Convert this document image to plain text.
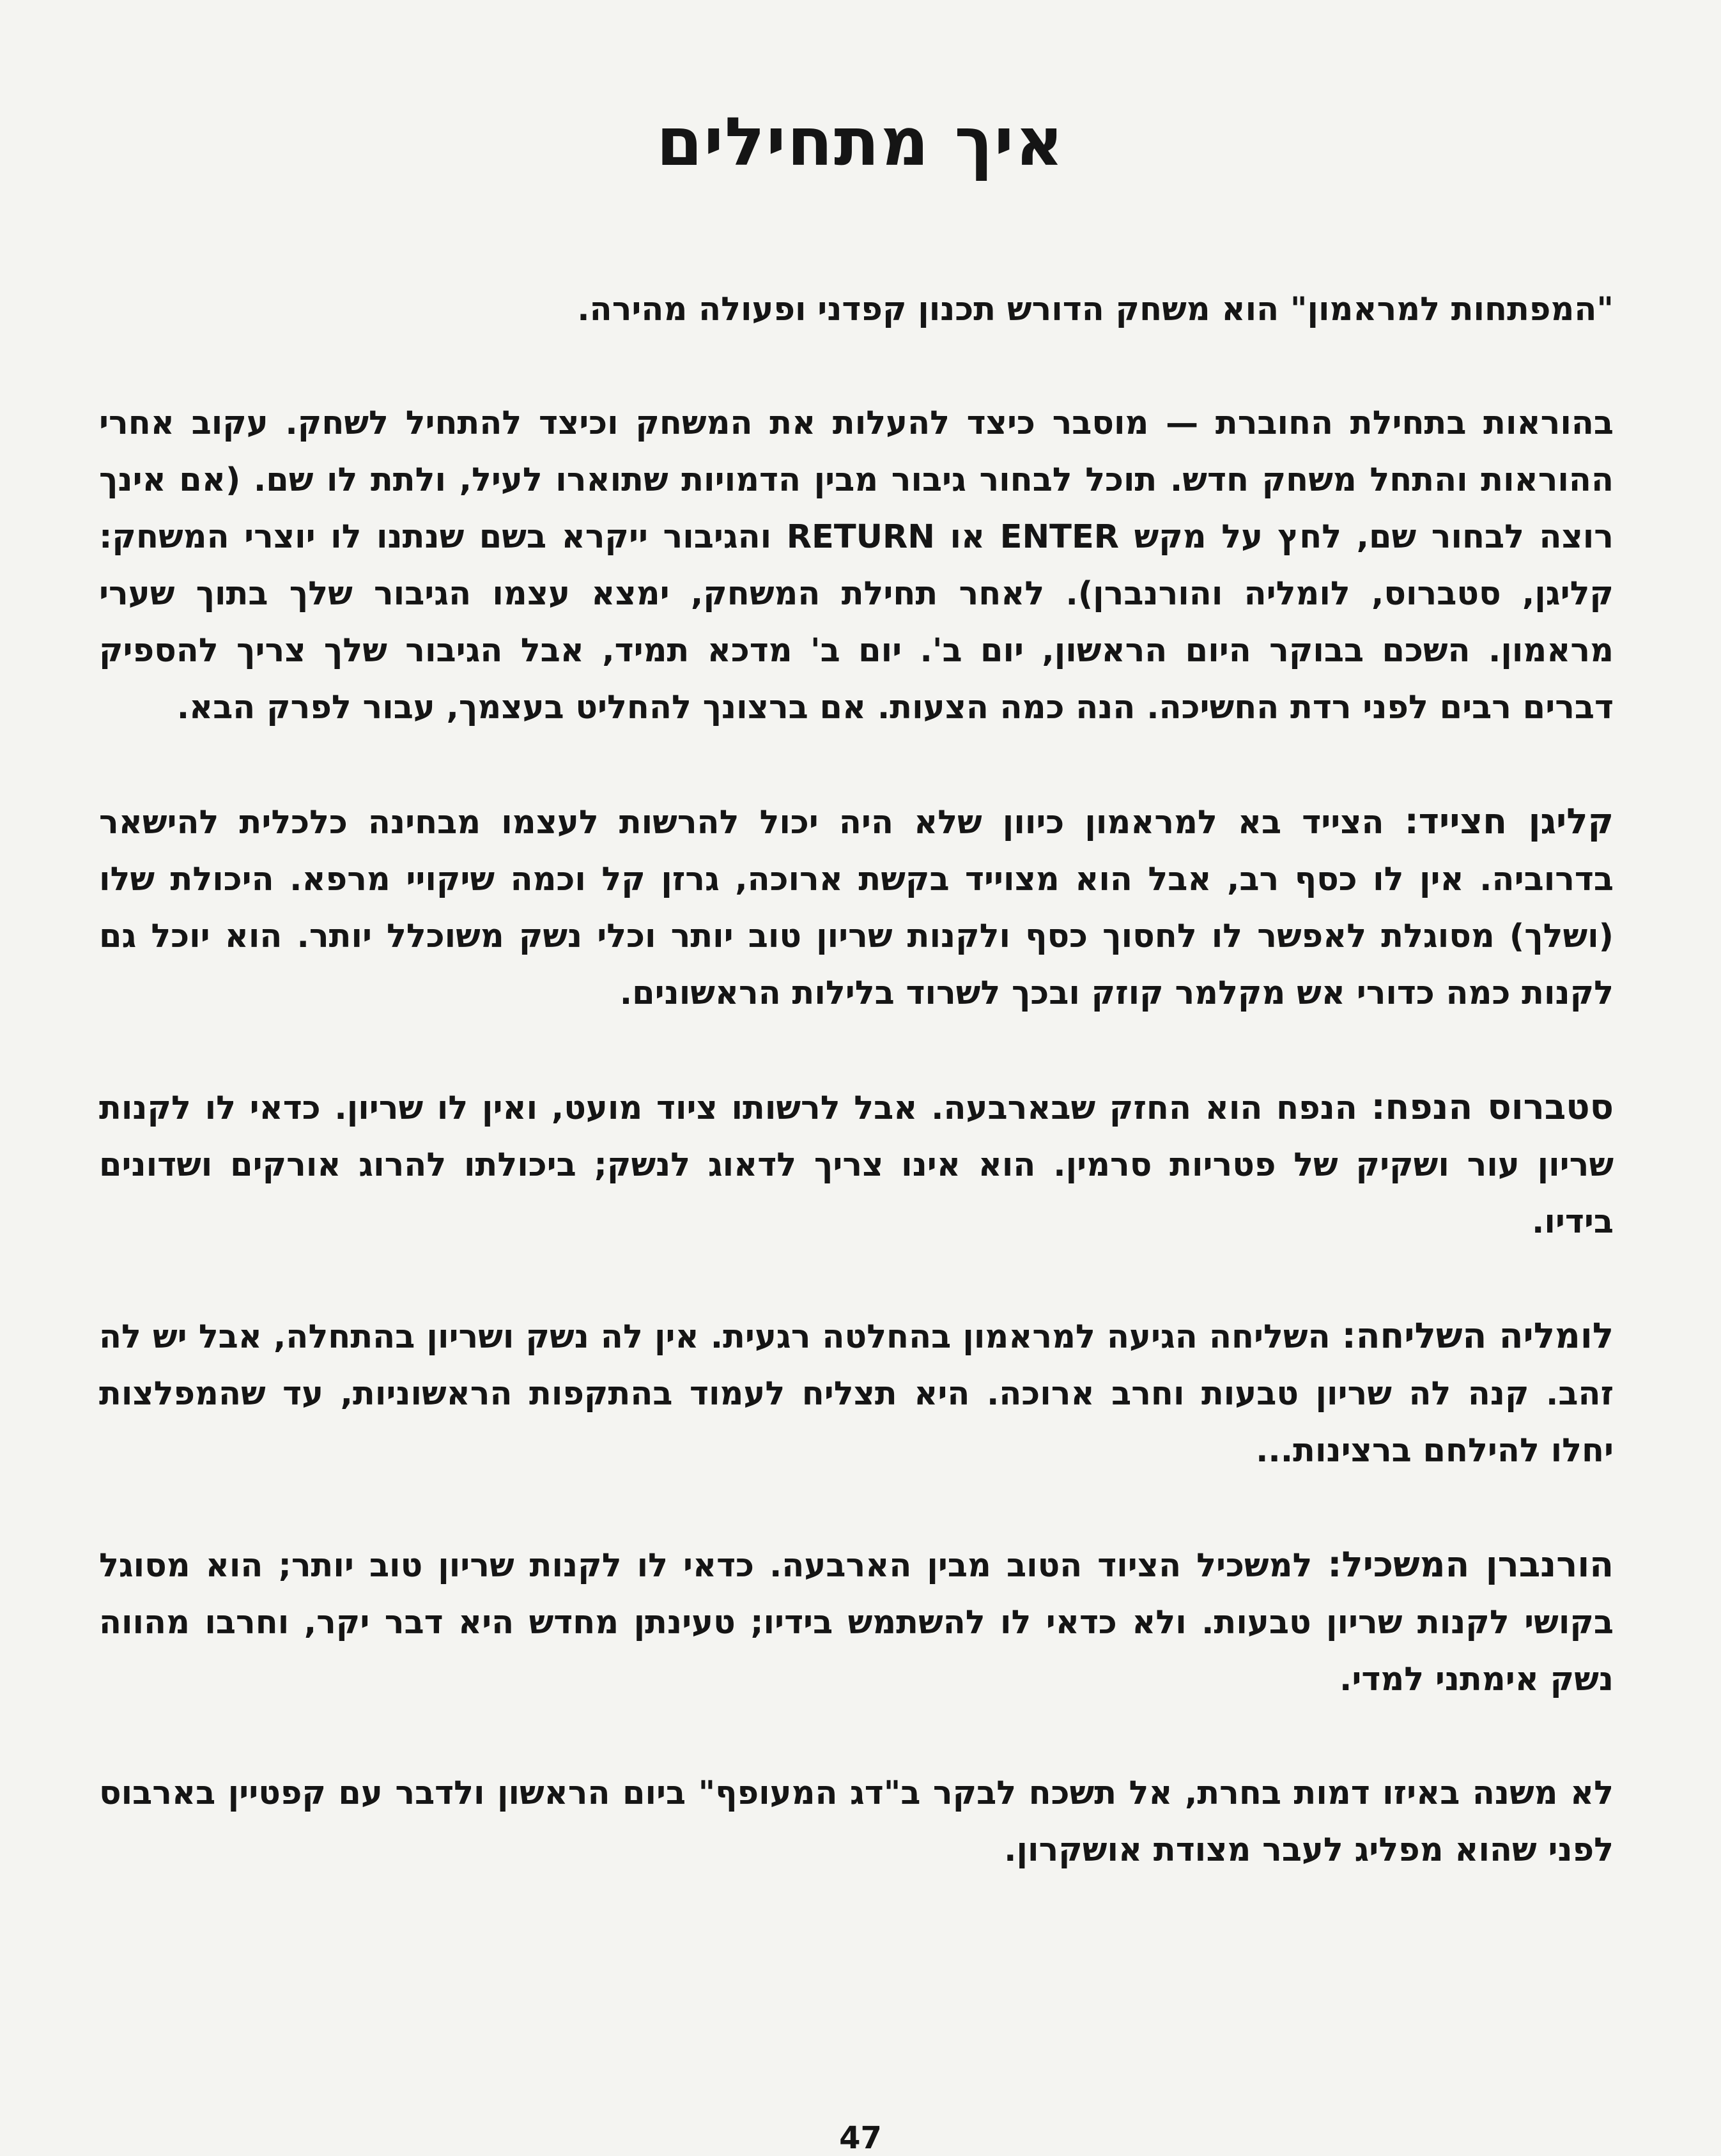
איך מתחילים

"המפתחות למראמון" הוא משחק הדורש תכנון קפדני ופעולה מהירה.

בהוראות בתחילת החוברת — מוסבר כיצד להעלות את המשחק וכיצד להתחיל לשחק. עקוב אחרי ההוראות והתחל משחק חדש. תוכל לבחור גיבור מבין הדמויות שתוארו לעיל, ולתת לו שם. (אם אינך רוצה לבחור שם, לחץ על מקש ENTER או RETURN והגיבור ייקרא בשם שנתנו לו יוצרי המשחק: קליגן, סטברוס, לומליה והורנברן). לאחר תחילת המשחק, ימצא עצמו הגיבור שלך בתוך שערי מראמון. השכם בבוקר היום הראשון, יום ב'. יום ב' מדכא תמיד, אבל הגיבור שלך צריך להספיק דברים רבים לפני רדת החשיכה. הנה כמה הצעות. אם ברצונך להחליט בעצמך, עבור לפרק הבא.

קליגן חצייד: הצייד בא למראמון כיוון שלא היה יכול להרשות לעצמו מבחינה כלכלית להישאר בדרוביה. אין לו כסף רב, אבל הוא מצוייד בקשת ארוכה, גרזן קל וכמה שיקויי מרפא. היכולת שלו (ושלך) מסוגלת לאפשר לו לחסוך כסף ולקנות שריון טוב יותר וכלי נשק משוכלל יותר. הוא יוכל גם לקנות כמה כדורי אש מקלמר קוזק ובכך לשרוד בלילות הראשונים.

סטברוס הנפח: הנפח הוא החזק שבארבעה. אבל לרשותו ציוד מועט, ואין לו שריון. כדאי לו לקנות שריון עור ושקיק של פטריות סרמין. הוא אינו צריך לדאוג לנשק; ביכולתו להרוג אורקים ושדונים בידיו.

לומליה השליחה: השליחה הגיעה למראמון בהחלטה רגעית. אין לה נשק ושריון בהתחלה, אבל יש לה זהב. קנה לה שריון טבעות וחרב ארוכה. היא תצליח לעמוד בהתקפות הראשוניות, עד שהמפלצות יחלו להילחם ברצינות...

הורנברן המשכיל: למשכיל הציוד הטוב מבין הארבעה. כדאי לו לקנות שריון טוב יותר; הוא מסוגל בקושי לקנות שריון טבעות. ולא כדאי לו להשתמש בידיו; טעינתן מחדש היא דבר יקר, וחרבו מהווה נשק אימתני למדי.

לא משנה באיזו דמות בחרת, אל תשכח לבקר ב"דג המעופף" ביום הראשון ולדבר עם קפטיין בארבוס לפני שהוא מפליג לעבר מצודת אושקרון.

47
